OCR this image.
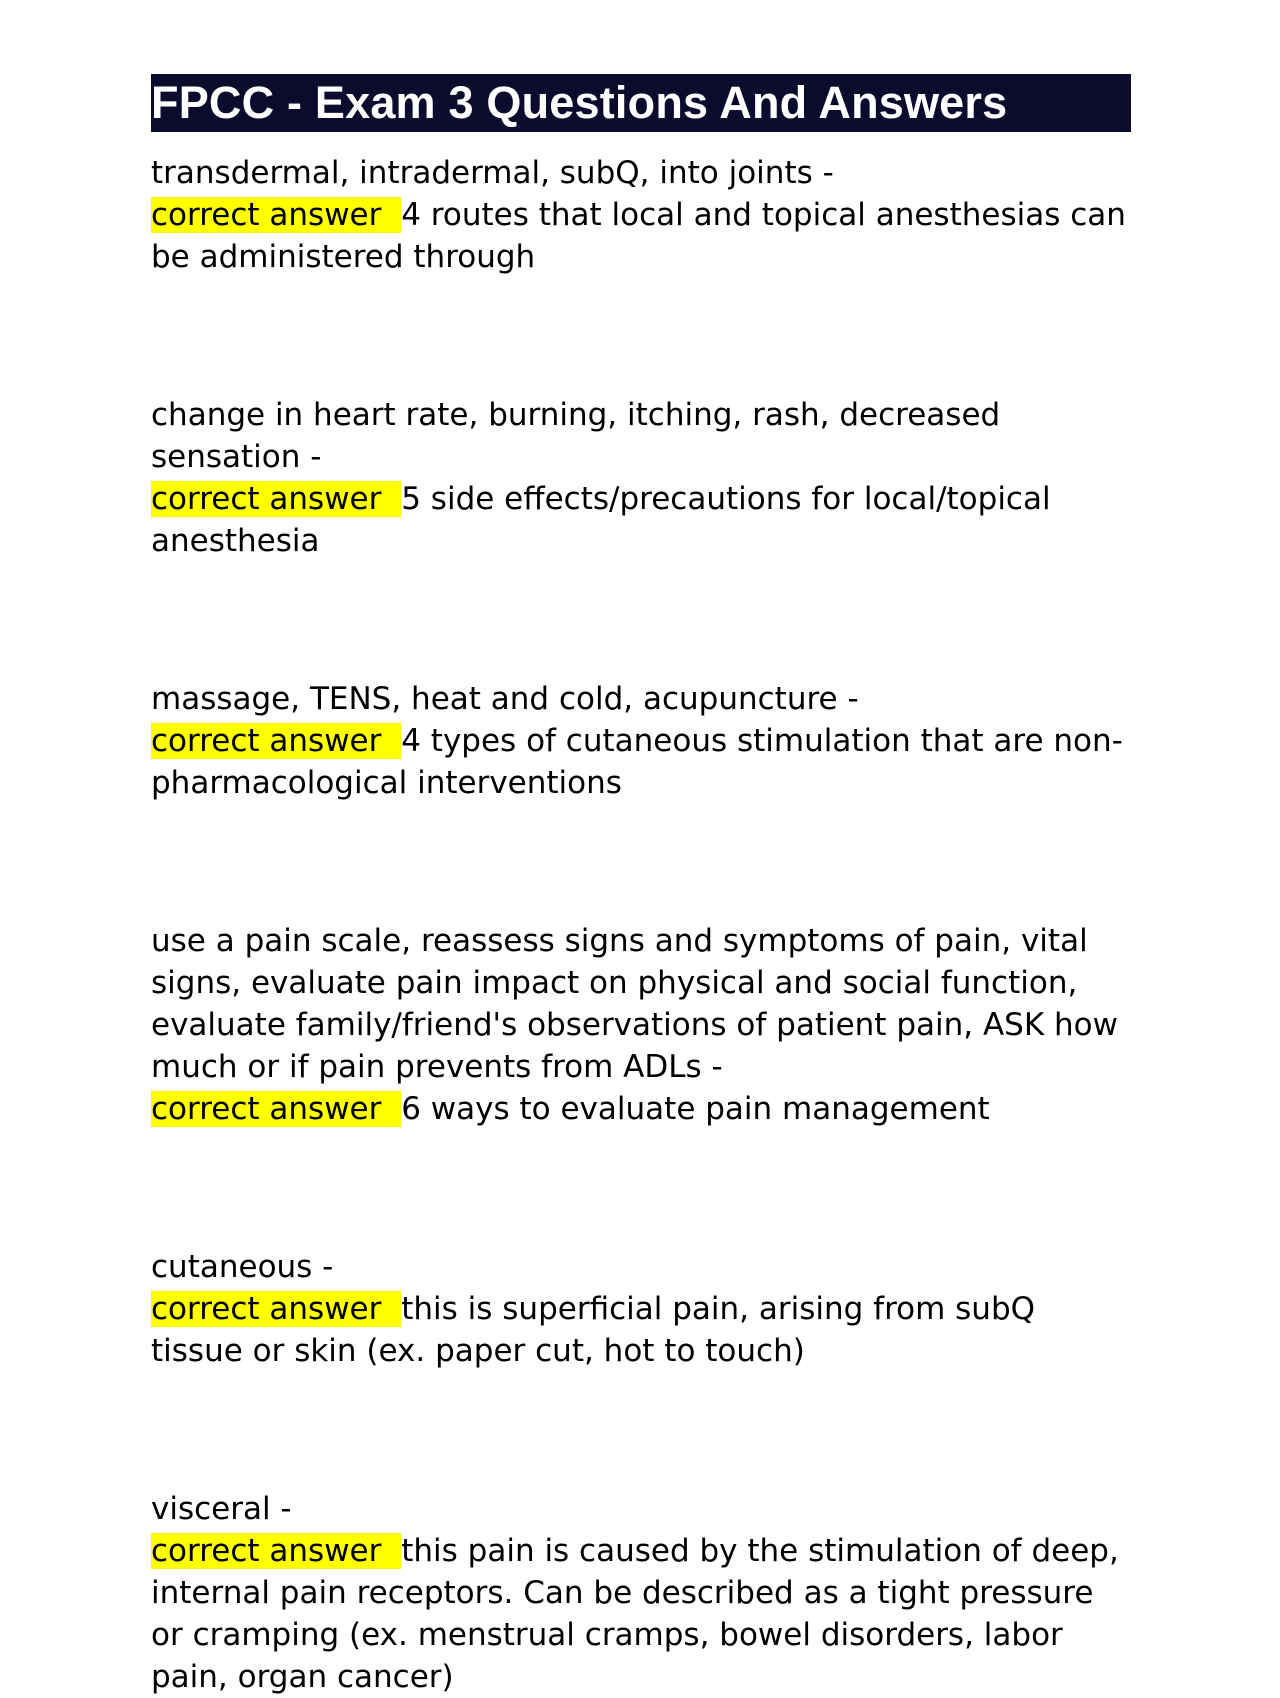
FPCC - Exam 3 Questions And Answers
transdermal, intradermal, subQ, into joints -
correct answer 4 routes that local and topical anesthesias can be administered through
change in heart rate, burning, itching, rash, decreased sensation -
correct answer 5 side effects/precautions for local/topical anesthesia
massage, TENS, heat and cold, acupuncture -
correct answer 4 types of cutaneous stimulation that are non-pharmacological interventions
use a pain scale, reassess signs and symptoms of pain, vital signs, evaluate pain impact on physical and social function, evaluate family/friend's observations of patient pain, ASK how much or if pain prevents from ADLs -
correct answer 6 ways to evaluate pain management
cutaneous -
correct answer this is superficial pain, arising from subQ tissue or skin (ex. paper cut, hot to touch)
visceral -
correct answer this pain is caused by the stimulation of deep, internal pain receptors. Can be described as a tight pressure or cramping (ex. menstrual cramps, bowel disorders, labor pain, organ cancer)
